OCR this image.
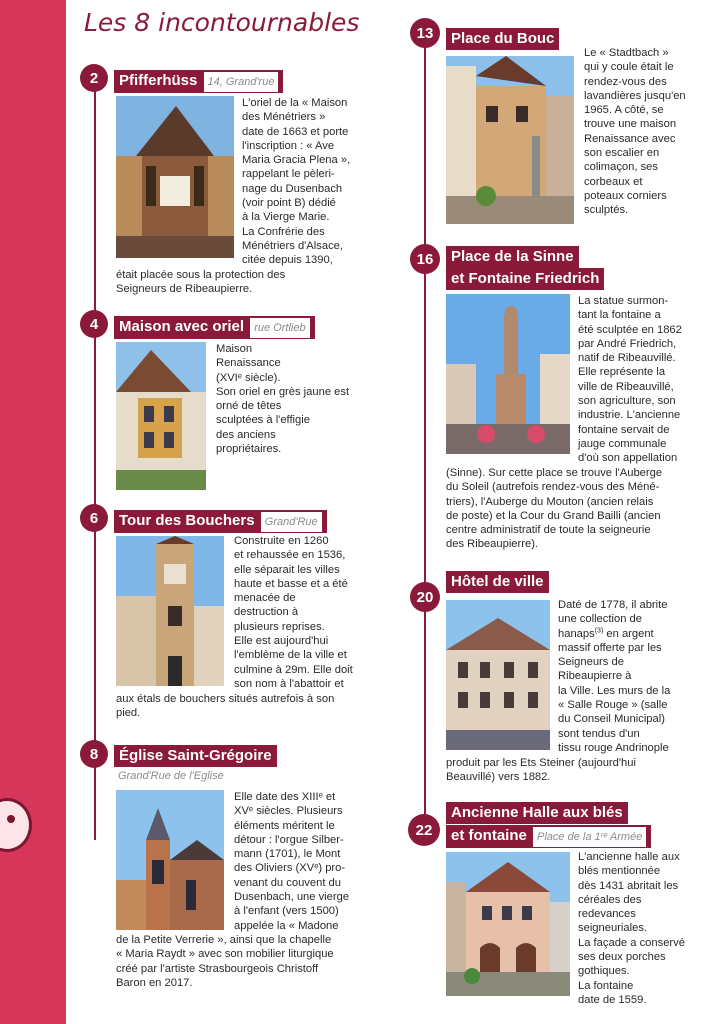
Les 8 incontournables
2	Pfifferhüss 14, Grand'rue

L'oriel de la « Maison

des Ménétriers »

date de 1663 et porte

l'inscription : « Ave

Maria Gracia Plena »,

rappelant le pèleri-

nage du Dusenbach

(voir point B) dédié

à la Vierge Marie.

La Confrérie des

Ménétriers d'Alsace,

citée depuis 1390,

était placée sous la protection des

Seigneurs de Ribeaupierre.

4	Maison avec oriel rue Ortlieb

Maison

Renaissance

(XVIᵉ siècle).

Son oriel en grès jaune est

orné de têtes

sculptées à l'effigie

des anciens

propriétaires.

6	Tour des Bouchers Grand'Rue

Construite en 1260

et rehaussée en 1536,

elle séparait les villes

haute et basse et a été

menacée de

destruction à

plusieurs reprises.

Elle est aujourd'hui

l'emblème de la ville et

culmine à 29m. Elle doit

son nom à l'abattoir et

aux étals de bouchers situés autrefois à son

pied.

8	Église Saint-Grégoire
Grand'Rue de l'Eglise

Elle date des XIIIᵉ et

XVᵉ siècles. Plusieurs

éléments méritent le

détour : l'orgue Silber-

mann (1701), le Mont

des Oliviers (XVᵉ) pro-

venant du couvent du

Dusenbach, une vierge

à l'enfant (vers 1500)

appelée la « Madone

de la Petite Verrerie », ainsi que la chapelle

« Maria Raydt » avec son mobilier liturgique

créé par l'artiste Strasbourgeois Christoff

Baron en 2017.

13	Place du Bouc

Le « Stadtbach »

qui y coule était le

rendez-vous des

lavandières jusqu'en

1965. A côté, se

trouve une maison

Renaissance avec

son escalier en

colimaçon, ses

corbeaux et

poteaux corniers

sculptés.

16	Place de la Sinne
et Fontaine Friedrich

La statue surmon-

tant la fontaine a

été sculptée en 1862

par André Friedrich,

natif de Ribeauvillé.

Elle représente la

ville de Ribeauvillé,

son agriculture, son

industrie. L'ancienne

fontaine servait de

jauge communale

d'où son appellation

(Sinne). Sur cette place se trouve l'Auberge

du Soleil (autrefois rendez-vous des Méné-

triers), l'Auberge du Mouton (ancien relais

de poste) et la Cour du Grand Bailli (ancien

centre administratif de toute la seigneurie

des Ribeaupierre).

20
Hôtel de ville

Daté de 1778, il abrite

une collection de

hanaps$^{(3)}$ en argent

massif offerte par les

Seigneurs de

Ribeaupierre à

la Ville. Les murs de la

« Salle Rouge » (salle

du Conseil Municipal)

sont tendus d'un

tissu rouge Andrinople

produit par les Ets Steiner (aujourd'hui

Beauvillé) vers 1882.

22
Ancienne Halle aux blés
et fontaine Place de la 1ʳᵉ Armée

L'ancienne halle aux

blés mentionnée

dès 1431 abritait les

céréales des

redevances

seigneuriales.

La façade a conservé

ses deux porches

gothiques.

La fontaine

date de 1559.
